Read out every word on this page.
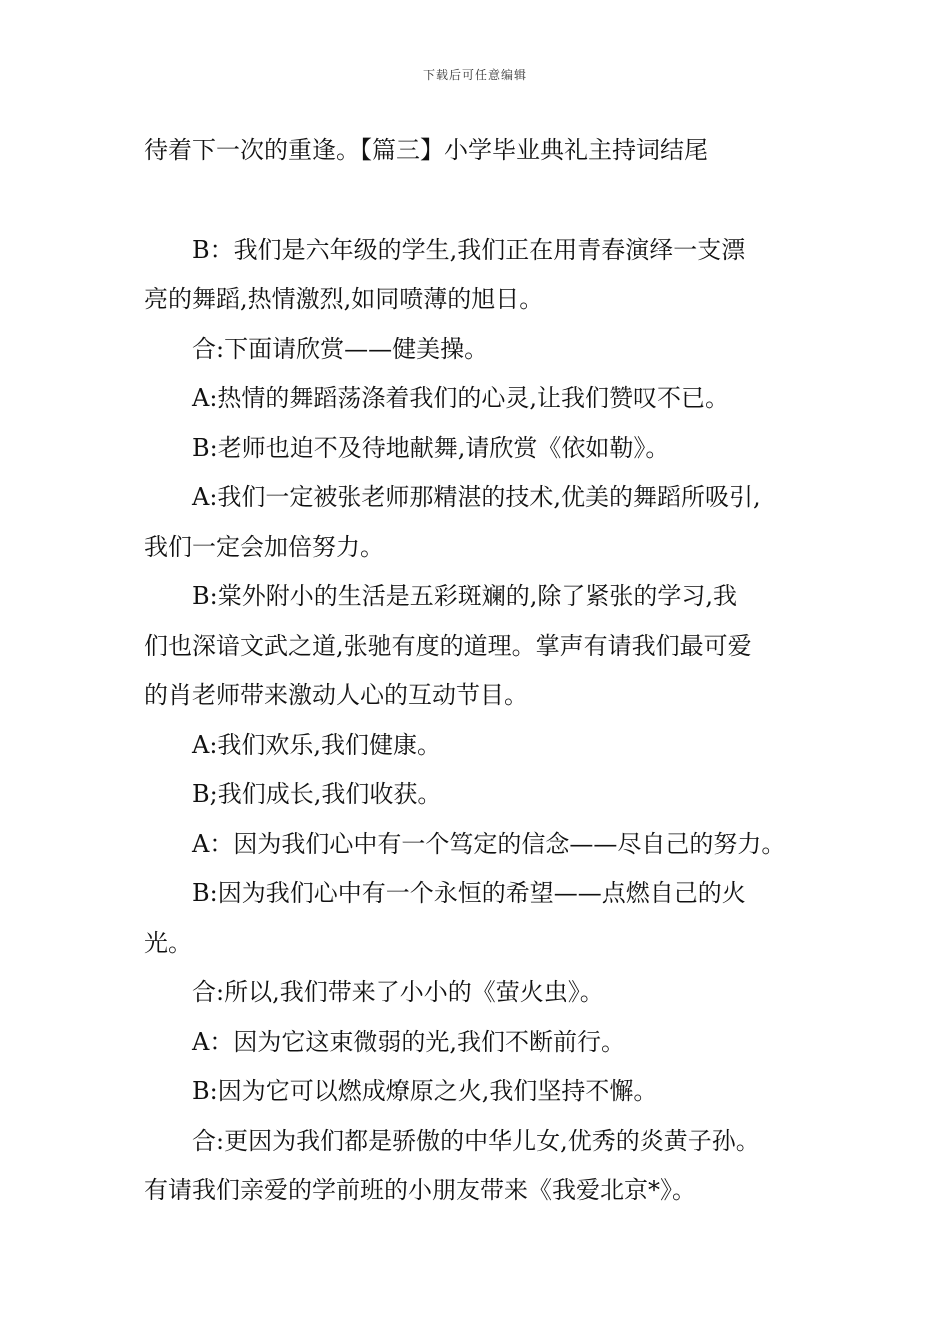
下载后可任意编辑
待着下一次的重逢。【篇三】小学毕业典礼主持词结尾
B：我们是六年级的学生,我们正在用青春演绎一支漂
亮的舞蹈,热情激烈,如同喷薄的旭日。
合:下面请欣赏——健美操。
A:热情的舞蹈荡涤着我们的心灵,让我们赞叹不已。
B:老师也迫不及待地献舞,请欣赏《依如勒》。
A:我们一定被张老师那精湛的技术,优美的舞蹈所吸引,
我们一定会加倍努力。
B:棠外附小的生活是五彩斑斓的,除了紧张的学习,我
们也深谙文武之道,张驰有度的道理。掌声有请我们最可爱
的肖老师带来激动人心的互动节目。
A:我们欢乐,我们健康。
B;我们成长,我们收获。
A：因为我们心中有一个笃定的信念——尽自己的努力。
B:因为我们心中有一个永恒的希望——点燃自己的火
光。
合:所以,我们带来了小小的《萤火虫》。
A：因为它这束微弱的光,我们不断前行。
B:因为它可以燃成燎原之火,我们坚持不懈。
合:更因为我们都是骄傲的中华儿女,优秀的炎黄子孙。
有请我们亲爱的学前班的小朋友带来《我爱北京*》。
